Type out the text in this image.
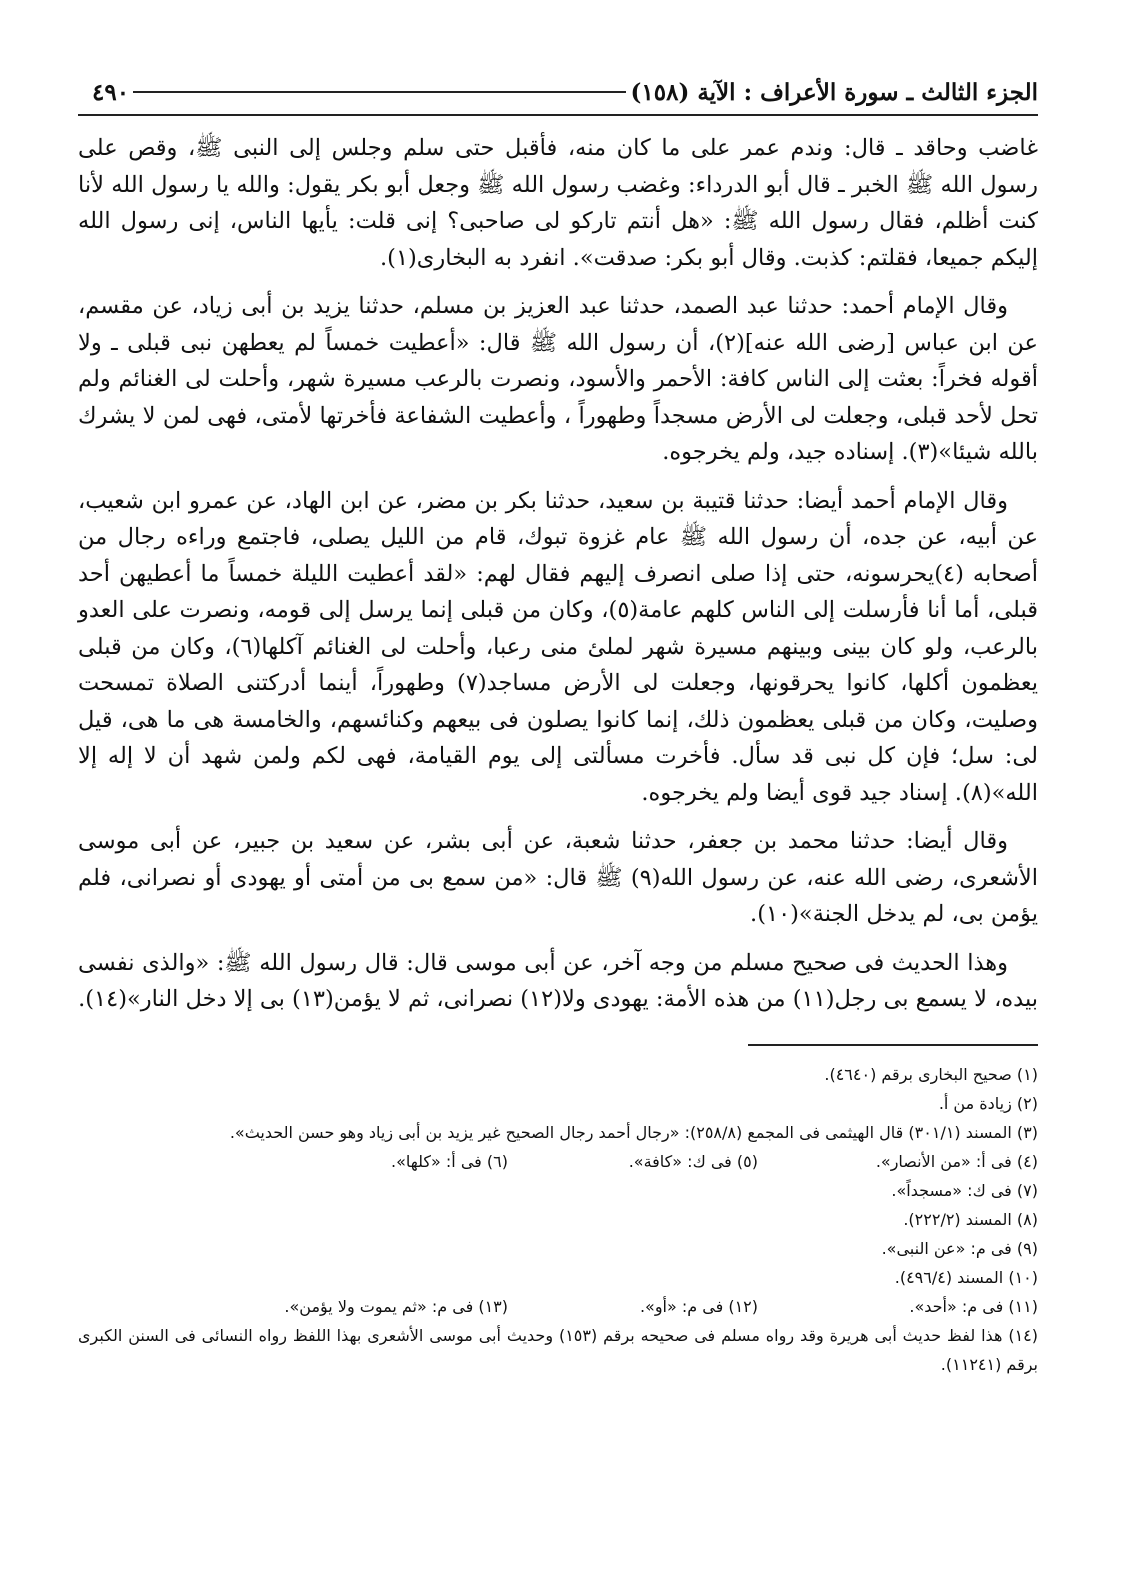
الجزء الثالث ـ سورة الأعراف : الآية (١٥٨)
٤٩٠

غاضب وحاقد ـ قال: وندم عمر على ما كان منه، فأقبل حتى سلم وجلس إلى النبى ﷺ، وقص على رسول الله ﷺ الخبر ـ قال أبو الدرداء: وغضب رسول الله ﷺ وجعل أبو بكر يقول: والله يا رسول الله لأنا كنت أظلم، فقال رسول الله ﷺ: «هل أنتم تاركو لى صاحبى؟ إنى قلت: يأيها الناس، إنى رسول الله إليكم جميعا، فقلتم: كذبت. وقال أبو بكر: صدقت». انفرد به البخارى(١).

وقال الإمام أحمد: حدثنا عبد الصمد، حدثنا عبد العزيز بن مسلم، حدثنا يزيد بن أبى زياد، عن مقسم، عن ابن عباس [رضى الله عنه](٢)، أن رسول الله ﷺ قال: «أعطيت خمساً لم يعطهن نبى قبلى ـ ولا أقوله فخراً: بعثت إلى الناس كافة: الأحمر والأسود، ونصرت بالرعب مسيرة شهر، وأحلت لى الغنائم ولم تحل لأحد قبلى، وجعلت لى الأرض مسجداً وطهوراً ، وأعطيت الشفاعة فأخرتها لأمتى، فهى لمن لا يشرك بالله شيئا»(٣). إسناده جيد، ولم يخرجوه.

وقال الإمام أحمد أيضا: حدثنا قتيبة بن سعيد، حدثنا بكر بن مضر، عن ابن الهاد، عن عمرو ابن شعيب، عن أبيه، عن جده، أن رسول الله ﷺ عام غزوة تبوك، قام من الليل يصلى، فاجتمع وراءه رجال من أصحابه (٤)يحرسونه، حتى إذا صلى انصرف إليهم فقال لهم: «لقد أعطيت الليلة خمساً ما أعطيهن أحد قبلى، أما أنا فأرسلت إلى الناس كلهم عامة(٥)، وكان من قبلى إنما يرسل إلى قومه، ونصرت على العدو بالرعب، ولو كان بينى وبينهم مسيرة شهر لملئ منى رعبا، وأحلت لى الغنائم آكلها(٦)، وكان من قبلى يعظمون أكلها، كانوا يحرقونها، وجعلت لى الأرض مساجد(٧) وطهوراً، أينما أدركتنى الصلاة تمسحت وصليت، وكان من قبلى يعظمون ذلك، إنما كانوا يصلون فى بيعهم وكنائسهم، والخامسة هى ما هى، قيل لى: سل؛ فإن كل نبى قد سأل. فأخرت مسألتى إلى يوم القيامة، فهى لكم ولمن شهد أن لا إله إلا الله»(٨). إسناد جيد قوى أيضا ولم يخرجوه.

وقال أيضا: حدثنا محمد بن جعفر، حدثنا شعبة، عن أبى بشر، عن سعيد بن جبير، عن أبى موسى الأشعرى، رضى الله عنه، عن رسول الله(٩) ﷺ قال: «من سمع بى من أمتى أو يهودى أو نصرانى، فلم يؤمن بى، لم يدخل الجنة»(١٠).

وهذا الحديث فى صحيح مسلم من وجه آخر، عن أبى موسى قال: قال رسول الله ﷺ: «والذى نفسى بيده، لا يسمع بى رجل(١١) من هذه الأمة: يهودى ولا(١٢) نصرانى، ثم لا يؤمن(١٣) بى إلا دخل النار»(١٤).

(١) صحيح البخارى برقم (٤٦٤٠).

(٢) زيادة من أ.

(٣) المسند (٣٠١/١) قال الهيثمى فى المجمع (٢٥٨/٨): «رجال أحمد رجال الصحيح غير يزيد بن أبى زياد وهو حسن الحديث».

(٤) فى أ: «من الأنصار».

(٥) فى ك: «كافة».

(٦) فى أ: «كلها».

(٧) فى ك: «مسجداً».

(٨) المسند (٢٢٢/٢).

(٩) فى م: «عن النبى».

(١٠) المسند (٤٩٦/٤).

(١١) فى م: «أحد».

(١٢) فى م: «أو».

(١٣) فى م: «ثم يموت ولا يؤمن».

(١٤) هذا لفظ حديث أبى هريرة وقد رواه مسلم فى صحيحه برقم (١٥٣) وحديث أبى موسى الأشعرى بهذا اللفظ رواه النسائى فى السنن الكبرى برقم (١١٢٤١).
